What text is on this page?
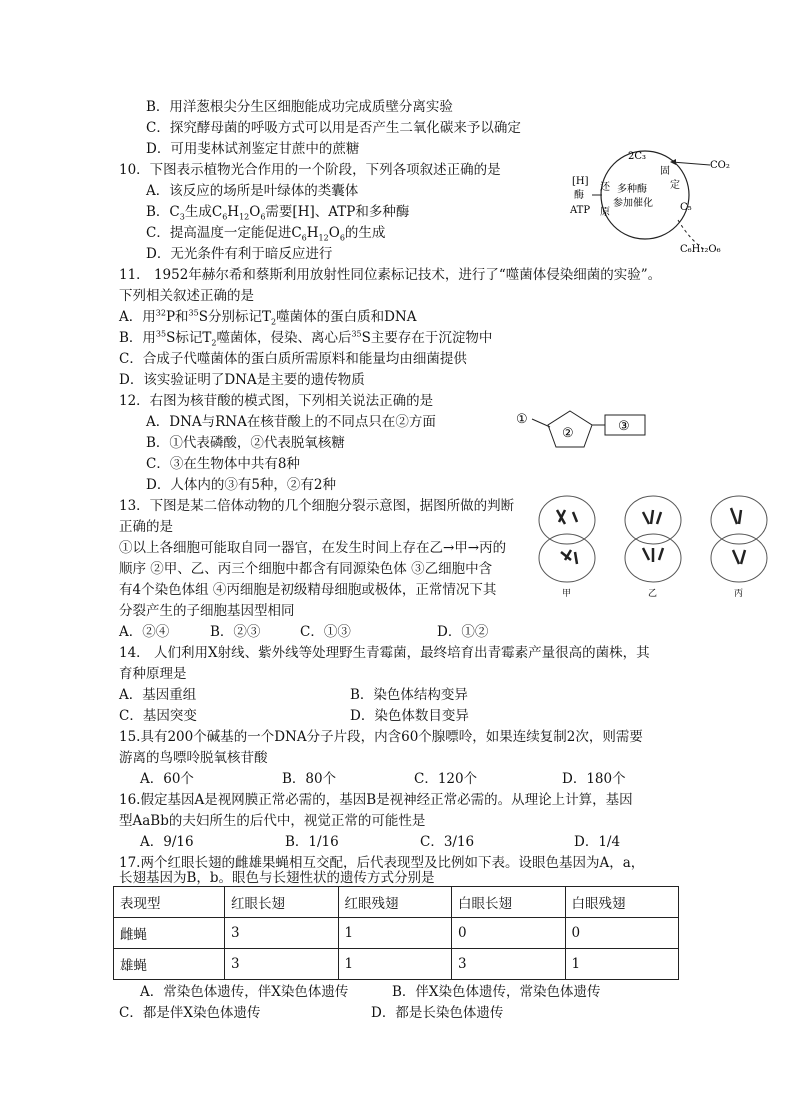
B．用洋葱根尖分生区细胞能成功完成质壁分离实验
C．探究酵母菌的呼吸方式可以用是否产生二氧化碳来予以确定
D．可用斐林试剂鉴定甘蔗中的蔗糖
10．下图表示植物光合作用的一个阶段，下列各项叙述正确的是
A．该反应的场所是叶绿体的类囊体
B．$C_3$生成$C_6H_{12}O_6$需要[H]、ATP和多种酶
C．提高温度一定能促进$C_6H_{12}O_6$的生成
D．无光条件有利于暗反应进行
2C₃
CO₂
固
定
C₅
多种酶
参加催化
还
原
[H]
酶
ATP
C₆H₁₂O₆
11． 1952年赫尔希和蔡斯利用放射性同位素标记技术，进行了“噬菌体侵染细菌的实验”。
下列相关叙述正确的是
A．用$^{32}$P和$^{35}$S分别标记$T_2$噬菌体的蛋白质和DNA
B．用$^{35}$S标记$T_2$噬菌体，侵染、离心后$^{35}$S主要存在于沉淀物中
C．合成子代噬菌体的蛋白质所需原料和能量均由细菌提供
D．该实验证明了DNA是主要的遗传物质
12．右图为核苷酸的模式图，下列相关说法正确的是
A．DNA与RNA在核苷酸上的不同点只在②方面
B．①代表磷酸，②代表脱氧核糖
C．③在生物体中共有8种
D．人体内的③有5种，②有2种
①
②	③
13．下图是某二倍体动物的几个细胞分裂示意图，据图所做的判断
正确的是
①以上各细胞可能取自同一器官，在发生时间上存在乙→甲→丙的
顺序 ②甲、乙、丙三个细胞中都含有同源染色体 ③乙细胞中含
有4个染色体组 ④丙细胞是初级精母细胞或极体，正常情况下其
分裂产生的子细胞基因型相同
A．②④	B．②③	C．①③	D．①②
甲	乙	丙
14． 人们利用X射线、紫外线等处理野生青霉菌，最终培育出青霉素产量很高的菌株，其
育种原理是
A．基因重组	B．染色体结构变异
C．基因突变	D．染色体数目变异
15.具有200个碱基的一个DNA分子片段，内含60个腺嘌呤，如果连续复制2次，则需要
游离的鸟嘌呤脱氧核苷酸
A．60个	B．80个	C．120个	D．180个
16.假定基因A是视网膜正常必需的，基因B是视神经正常必需的。从理论上计算，基因
型AaBb的夫妇所生的后代中，视觉正常的可能性是
A．9/16	B．1/16	C．3/16	D．1/4
17.两个红眼长翅的雌雄果蝇相互交配，后代表现型及比例如下表。设眼色基因为A，a，
长翅基因为B，b。眼色与长翅性状的遗传方式分别是
表现型	红眼长翅	红眼残翅	白眼长翅	白眼残翅
雌蝇	3	1	0	0
雄蝇	3	1	3	1
A．常染色体遗传，伴X染色体遗传	B．伴X染色体遗传，常染色体遗传
C．都是伴X染色体遗传	D．都是长染色体遗传
